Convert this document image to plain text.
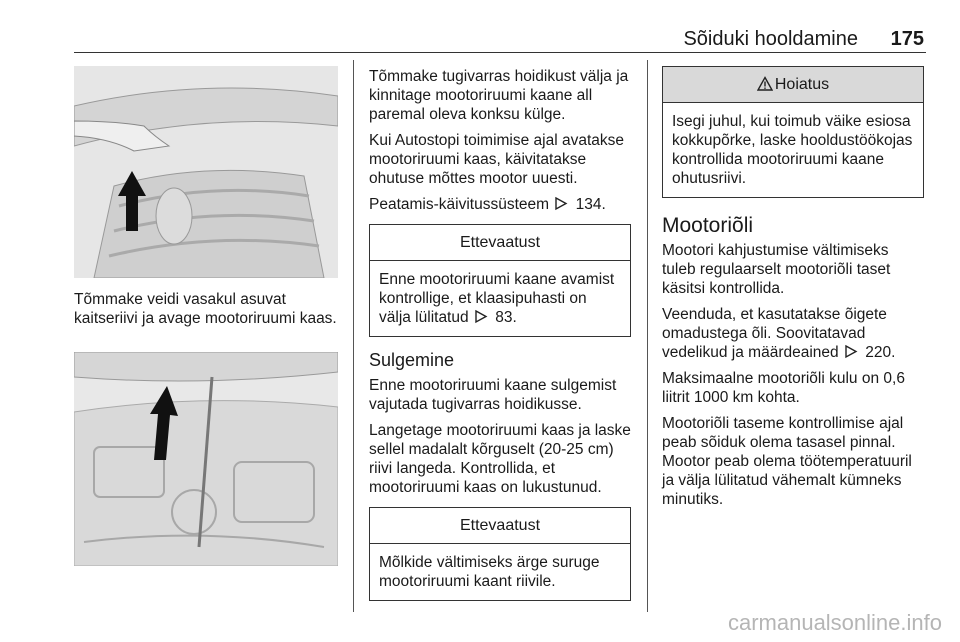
Sõiduki hooldamine 175
Tõmmake veidi vasakul asuvat kaitseriivi ja avage mootoriruumi kaas.

Tõmmake tugivarras hoidikust välja ja kinnitage mootoriruumi kaane all paremal oleva konksu külge.

Kui Autostopi toimimise ajal avatakse mootoriruumi kaas, käivitatakse ohutuse mõttes mootor uuesti.

Peatamis-käivitussüsteem 134.

Ettevaatust
Enne mootoriruumi kaane avamist kontrollige, et klaasipuhasti on välja lülitatud 83.
Sulgemine

Enne mootoriruumi kaane sulgemist vajutada tugivarras hoidikusse.

Langetage mootoriruumi kaas ja laske sellel madalalt kõrguselt (20-25 cm) riivi langeda. Kontrollida, et mootoriruumi kaas on lukustunud.

Ettevaatust
Mõlkide vältimiseks ärge suruge mootoriruumi kaant riivile.
Hoiatus
Isegi juhul, kui toimub väike esiosa kokkupõrke, laske hooldustöökojas kontrollida mootoriruumi kaane ohutusriivi.
Mootoriõli

Mootori kahjustumise vältimiseks tuleb regulaarselt mootoriõli taset käsitsi kontrollida.

Veenduda, et kasutatakse õigete omadustega õli. Soovitatavad vedelikud ja määrdeained 220.

Maksimaalne mootoriõli kulu on 0,6 liitrit 1000 km kohta.

Mootoriõli taseme kontrollimise ajal peab sõiduk olema tasasel pinnal. Mootor peab olema töötemperatuuril ja välja lülitatud vähemalt kümneks minutiks.

carmanualsonline.info
